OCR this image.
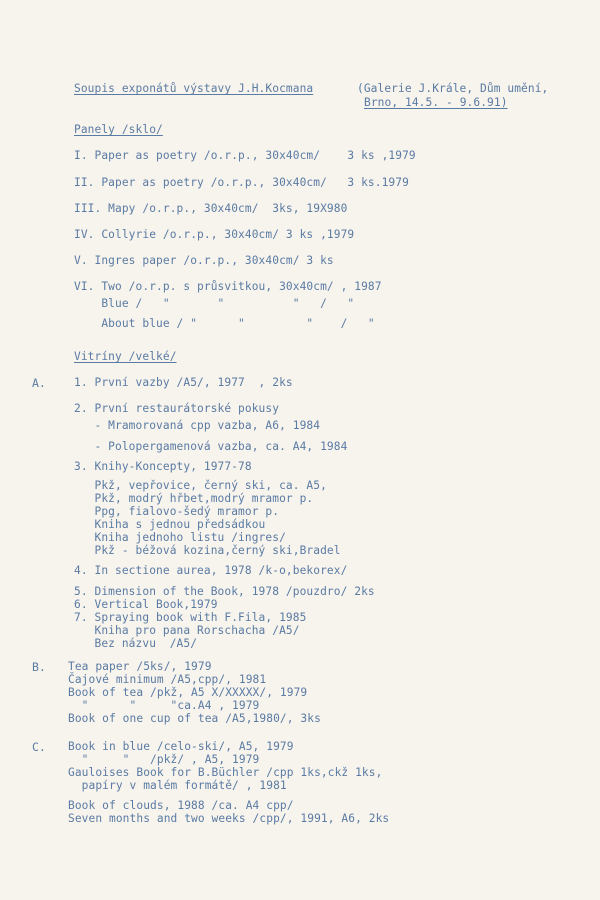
Soupis exponátů výstavy J.H.Kocmana	(Galerie J.Krále, Dům umění,
Brno, 14.5. - 9.6.91)
Panely /sklo/
I. Paper as poetry /o.r.p., 30x40cm/    3 ks ,1979
II. Paper as poetry /o.r.p., 30x40cm/   3 ks.1979
III. Mapy /o.r.p., 30x40cm/  3ks, 19X980
IV. Collyrie /o.r.p., 30x40cm/ 3 ks ,1979
V. Ingres paper /o.r.p., 30x40cm/ 3 ks
VI. Two /o.r.p. s průsvitkou, 30x40cm/ , 1987
Blue /   "       "          "   /   "
About blue / "      "         "    /   "
Vitríny /velké/
A.	1. První vazby /A5/, 1977  , 2ks
2. První restaurátorské pokusy
- Mramorovaná cpp vazba, A6, 1984
- Polopergamenová vazba, ca. A4, 1984
3. Knihy-Koncepty, 1977-78
Pkž, vepřovice, černý ski, ca. A5,
Pkž, modrý hřbet,modrý mramor p.
Ppg, fialovo-šedý mramor p.
Kniha s jednou předsádkou
Kniha jednoho listu /ingres/
Pkž - béžová kozina,černý ski,Bradel
4. In sectione aurea, 1978 /k-o,bekorex/
5. Dimension of the Book, 1978 /pouzdro/ 2ks
6. Vertical Book,1979
7. Spraying book with F.Fila, 1985
Kniha pro pana Rorschacha /A5/
Bez názvu  /A5/
B. Tea paper /5ks/, 1979
Čajové minimum /A5,cpp/, 1981
Book of tea /pkž, A5 X/XXXXX/, 1979
"      "     "ca.A4 , 1979
Book of one cup of tea /A5,1980/, 3ks
C. Book in blue /celo-ski/, A5, 1979
"     "   /pkž/ , A5, 1979
Gauloises Book for B.Büchler /cpp 1ks,ckž 1ks,
papíry v malém formátě/ , 1981
Book of clouds, 1988 /ca. A4 cpp/
Seven months and two weeks /cpp/, 1991, A6, 2ks
